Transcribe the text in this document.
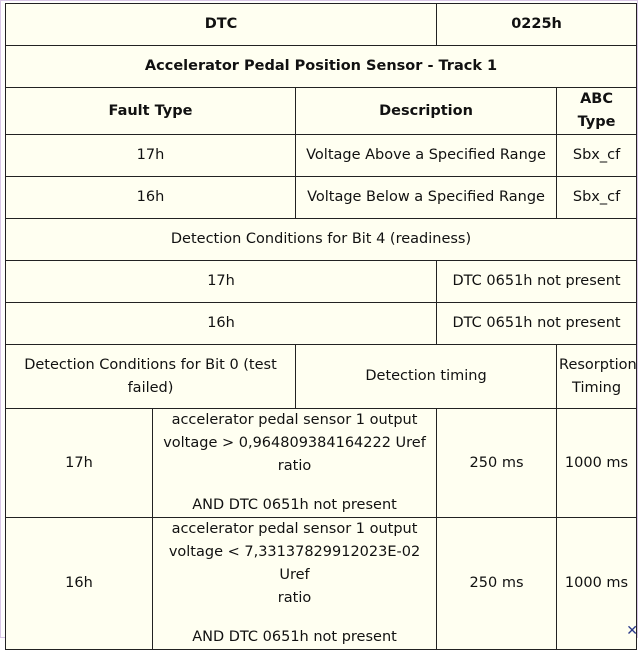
DTC			0225h	
Accelerator Pedal Position Sensor - Track 1				
Fault Type		Description		ABC Type
17h		Voltage Above a Specified Range		Sbx_cf
16h		Voltage Below a Specified Range		Sbx_cf
Detection Conditions for Bit 4 (readiness)				
17h			DTC 0651h not present	
16h			DTC 0651h not present	
Detection Conditions for Bit 0 (test failed)		Detection timing		Resorption
Timing

17h	accelerator pedal sensor 1 output
voltage > 0,964809384164222 Uref ratio
AND DTC 0651h not present		250 ms	1000 ms
16h	accelerator pedal sensor 1 output
voltage < 7,33137829912023E-02 Uref
ratio
AND DTC 0651h not present		250 ms	1000 ms
✕
